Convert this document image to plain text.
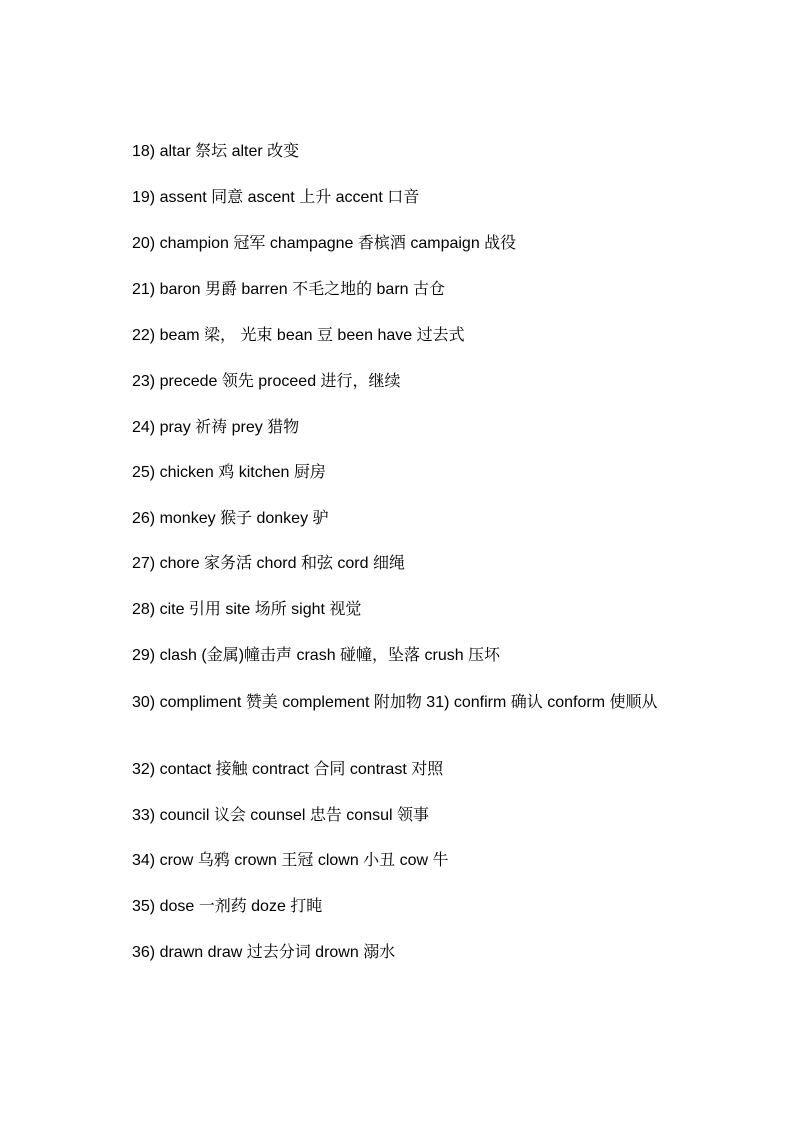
18) altar 祭坛 alter 改变
19) assent 同意 ascent 上升 accent 口音
20) champion 冠军 champagne 香槟酒 campaign 战役
21) baron 男爵 barren 不毛之地的 barn 古仓
22) beam 梁， 光束 bean 豆 been have 过去式
23) precede 领先 proceed 进行，继续
24) pray 祈祷 prey 猎物
25) chicken 鸡 kitchen 厨房
26) monkey 猴子 donkey 驴
27) chore 家务活 chord 和弦 cord 细绳
28) cite 引用 site 场所 sight 视觉
29) clash (金属)幢击声 crash 碰幢，坠落 crush 压坏
30) compliment 赞美 complement 附加物 31) confirm 确认 conform 使顺从
32) contact 接触 contract 合同 contrast 对照
33) council 议会 counsel 忠告 consul 领事
34) crow 乌鸦 crown 王冠 clown 小丑 cow 牛
35) dose 一剂药 doze 打盹
36) drawn draw 过去分词 drown 溺水
